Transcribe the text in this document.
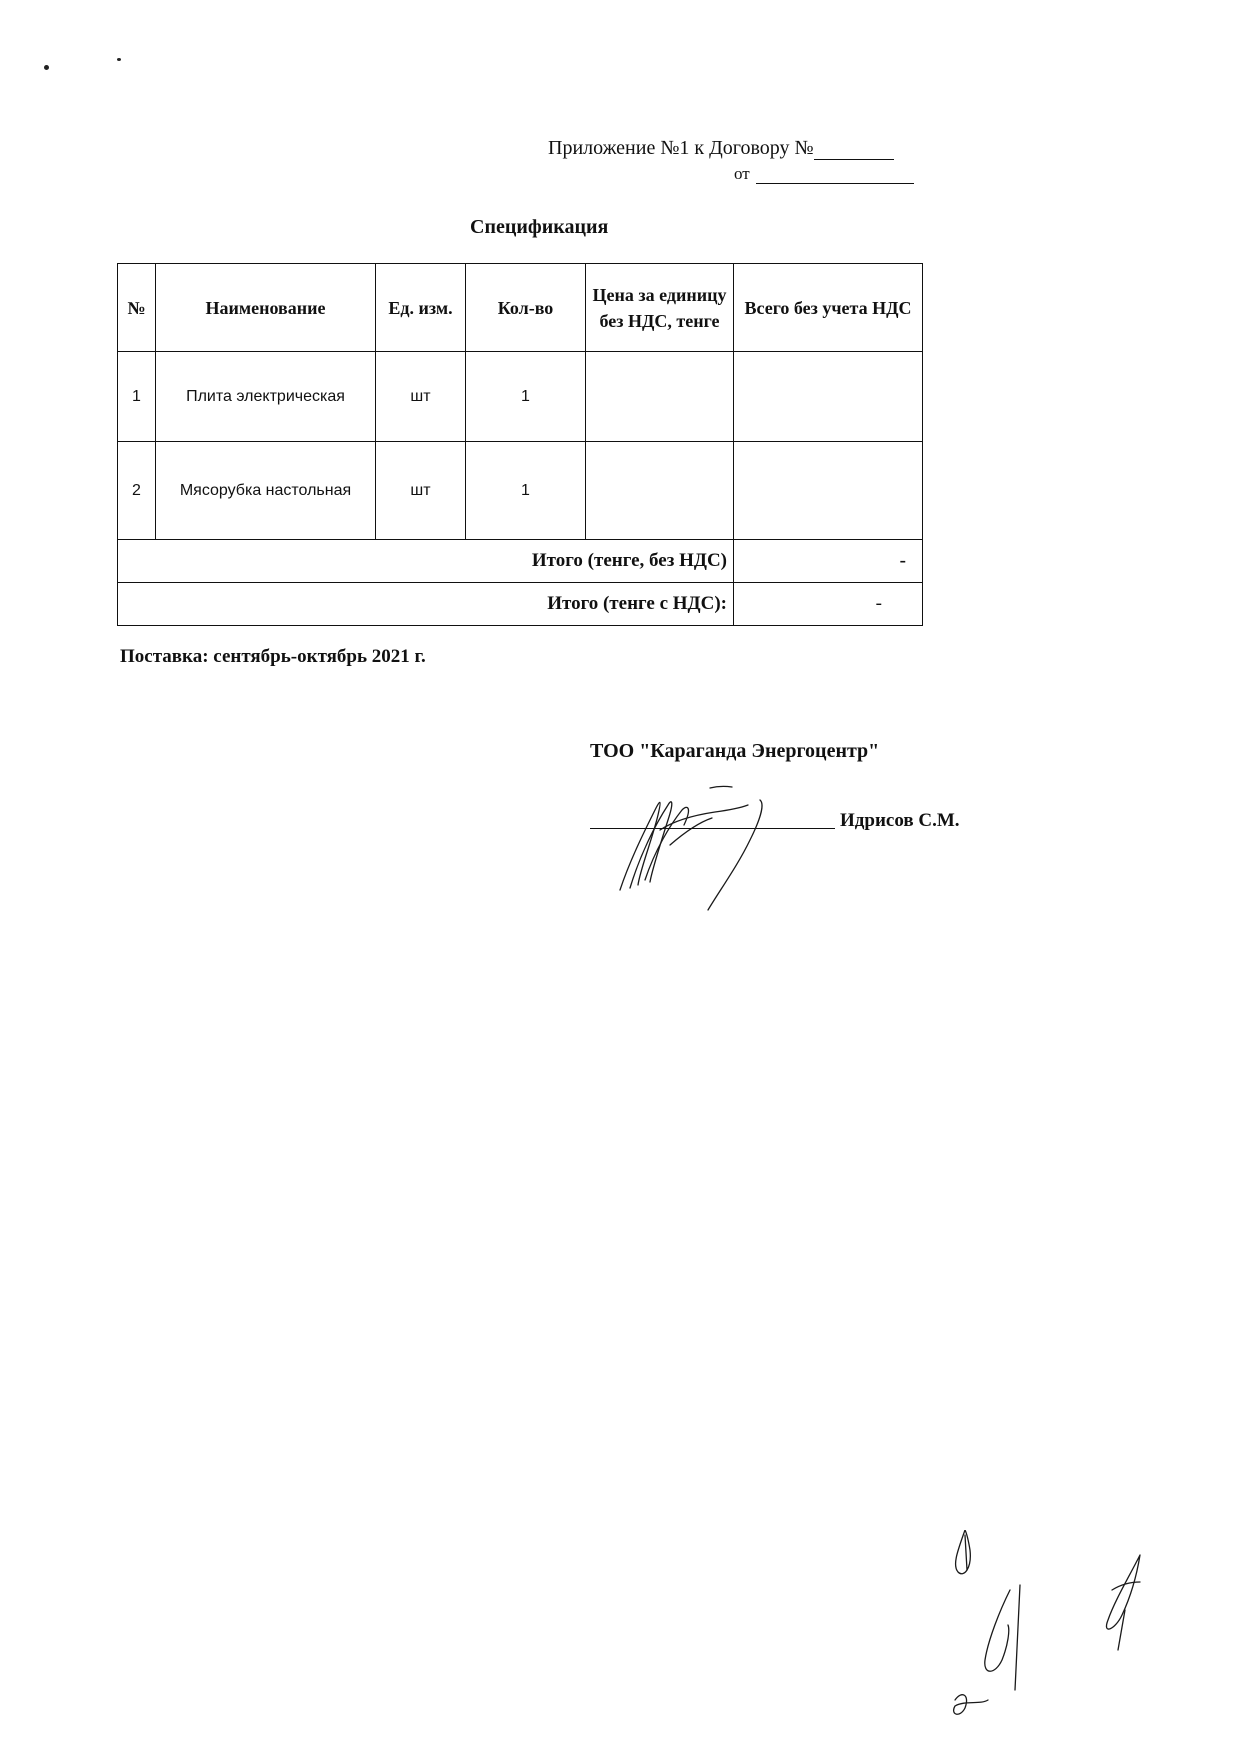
Приложение №1 к Договору №
от
Спецификация
№	Наименование	Ед. изм.	Кол-во	Цена за единицу без НДС, тенге	Всего без учета НДС
1	Плита электрическая	шт	1		
2	Мясорубка настольная	шт	1		
Итого (тенге, без НДС)					-
Итого (тенге с НДС):					-
Поставка: сентябрь-октябрь 2021 г.
ТОО "Караганда Энергоцентр"
Идрисов С.М.
